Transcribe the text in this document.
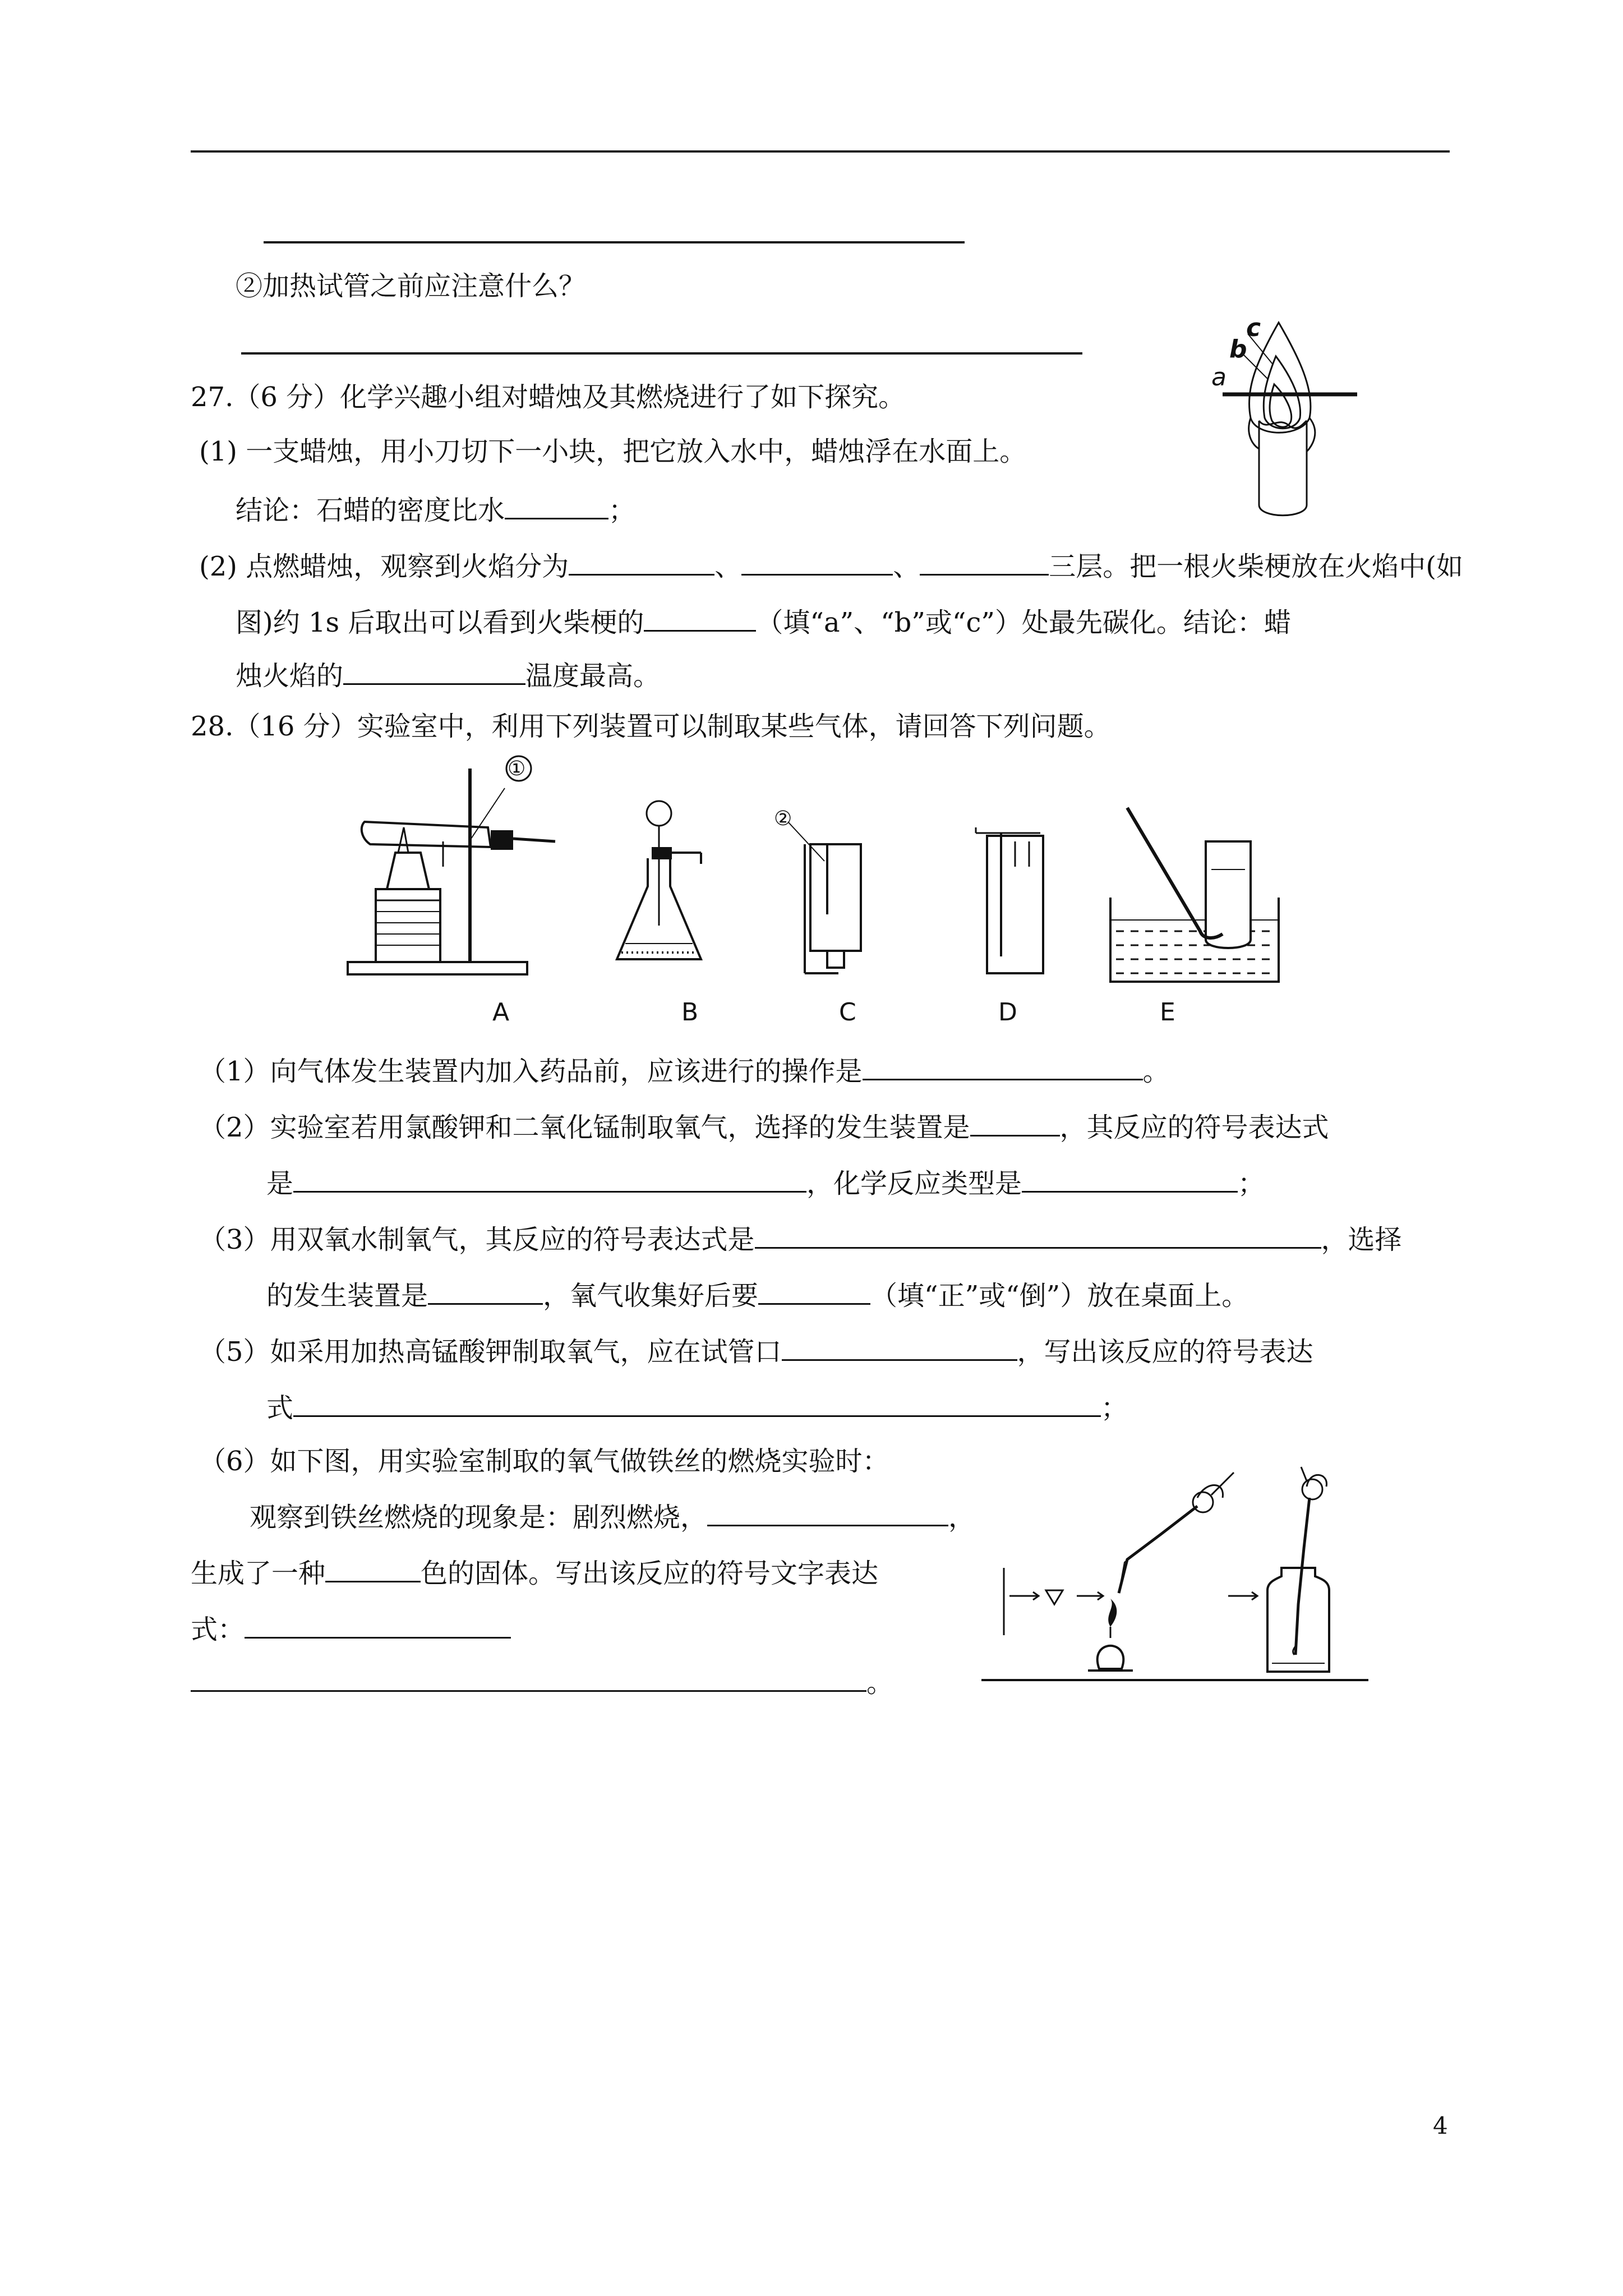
②加热试管之前应注意什么？
27.（6 分）化学兴趣小组对蜡烛及其燃烧进行了如下探究。
(1) 一支蜡烛，用小刀切下一小块，把它放入水中，蜡烛浮在水面上。
结论：石蜡的密度比水	；
(2) 点燃蜡烛，观察到火焰分为	、	、	三层。把一根火柴梗放在火焰中(如
图)约 1s 后取出可以看到火柴梗的	（填“a”、“b”或“c”）处最先碳化。结论：蜡
烛火焰的	温度最高。
c
b
a
28.（16 分）实验室中，利用下列装置可以制取某些气体，请回答下列问题。
①
②
A	B	C	D	E
（1）向气体发生装置内加入药品前，应该进行的操作是	。
（2）实验室若用氯酸钾和二氧化锰制取氧气，选择的发生装置是	，其反应的符号表达式
是	，化学反应类型是	；
（3）用双氧水制氧气，其反应的符号表达式是	，选择
的发生装置是	，氧气收集好后要	（填“正”或“倒”）放在桌面上。
（5）如采用加热高锰酸钾制取氧气，应在试管口	，写出该反应的符号表达
式	；
（6）如下图，用实验室制取的氧气做铁丝的燃烧实验时：
观察到铁丝燃烧的现象是：剧烈燃烧，	，
生成了一种	色的固体。写出该反应的符号文字表达
式：
。
4
